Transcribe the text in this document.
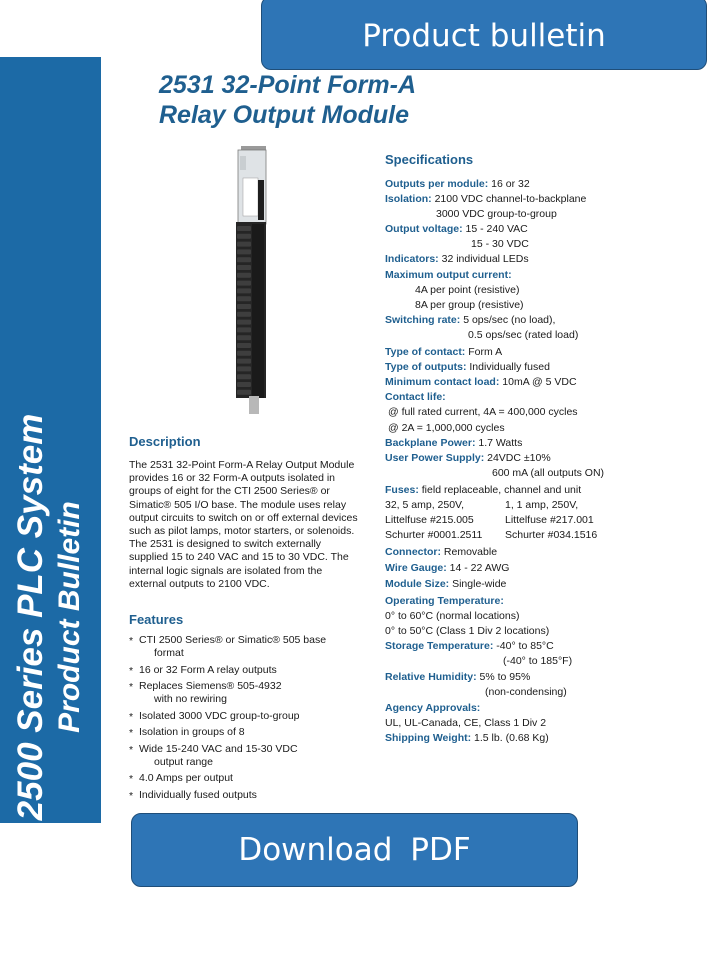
Product bulletin
2500 Series PLC System Product Bulletin
2531 32-Point Form-A
Relay Output Module
Description
The 2531 32-Point Form-A Relay Output Module
provides 16 or 32 Form-A outputs isolated in
groups of eight for the CTI 2500 Series® or
Simatic® 505 I/O base. The module uses relay
output circuits to switch on or off external devices
such as pilot lamps, motor starters, or solenoids.
The 2531 is designed to switch externally
supplied 15 to 240 VAC and 15 to 30 VDC. The
internal logic signals are isolated from the
external outputs to 2100 VDC.
Features
* CTI 2500 Series® or Simatic® 505 base
format
* 16 or 32 Form A relay outputs
* Replaces Siemens® 505-4932
with no rewiring
* Isolated 3000 VDC group-to-group
* Isolation in groups of 8
* Wide 15-240 VAC and 15-30 VDC
output range
* 4.0 Amps per output
* Individually fused outputs
Specifications
Outputs per module: 16 or 32
Isolation: 2100 VDC channel-to-backplane
3000 VDC group-to-group
Output voltage: 15 - 240 VAC
15 - 30 VDC
Indicators: 32 individual LEDs
Maximum output current:
4A per point (resistive)
8A per group (resistive)
Switching rate: 5 ops/sec (no load),
0.5 ops/sec (rated load)
Type of contact: Form A
Type of outputs: Individually fused
Minimum contact load: 10mA @ 5 VDC
Contact life:
@ full rated current, 4A = 400,000 cycles
@ 2A = 1,000,000 cycles
Backplane Power: 1.7 Watts
User Power Supply: 24VDC ±10%
600 mA (all outputs ON)
Fuses: field replaceable, channel and unit
32, 5 amp, 250V,
Littelfuse #215.005
Schurter #0001.2511
1, 1 amp, 250V,
Littelfuse #217.001
Schurter #034.1516
Connector: Removable
Wire Gauge: 14 - 22 AWG
Module Size: Single-wide
Operating Temperature:
0° to 60°C (normal locations)
0° to 50°C (Class 1 Div 2 locations)
Storage Temperature: -40° to 85°C
(-40° to 185°F)
Relative Humidity: 5% to 95%
(non-condensing)
Agency Approvals:
UL, UL-Canada, CE, Class 1 Div 2
Shipping Weight: 1.5 lb. (0.68 Kg)
Download PDF
